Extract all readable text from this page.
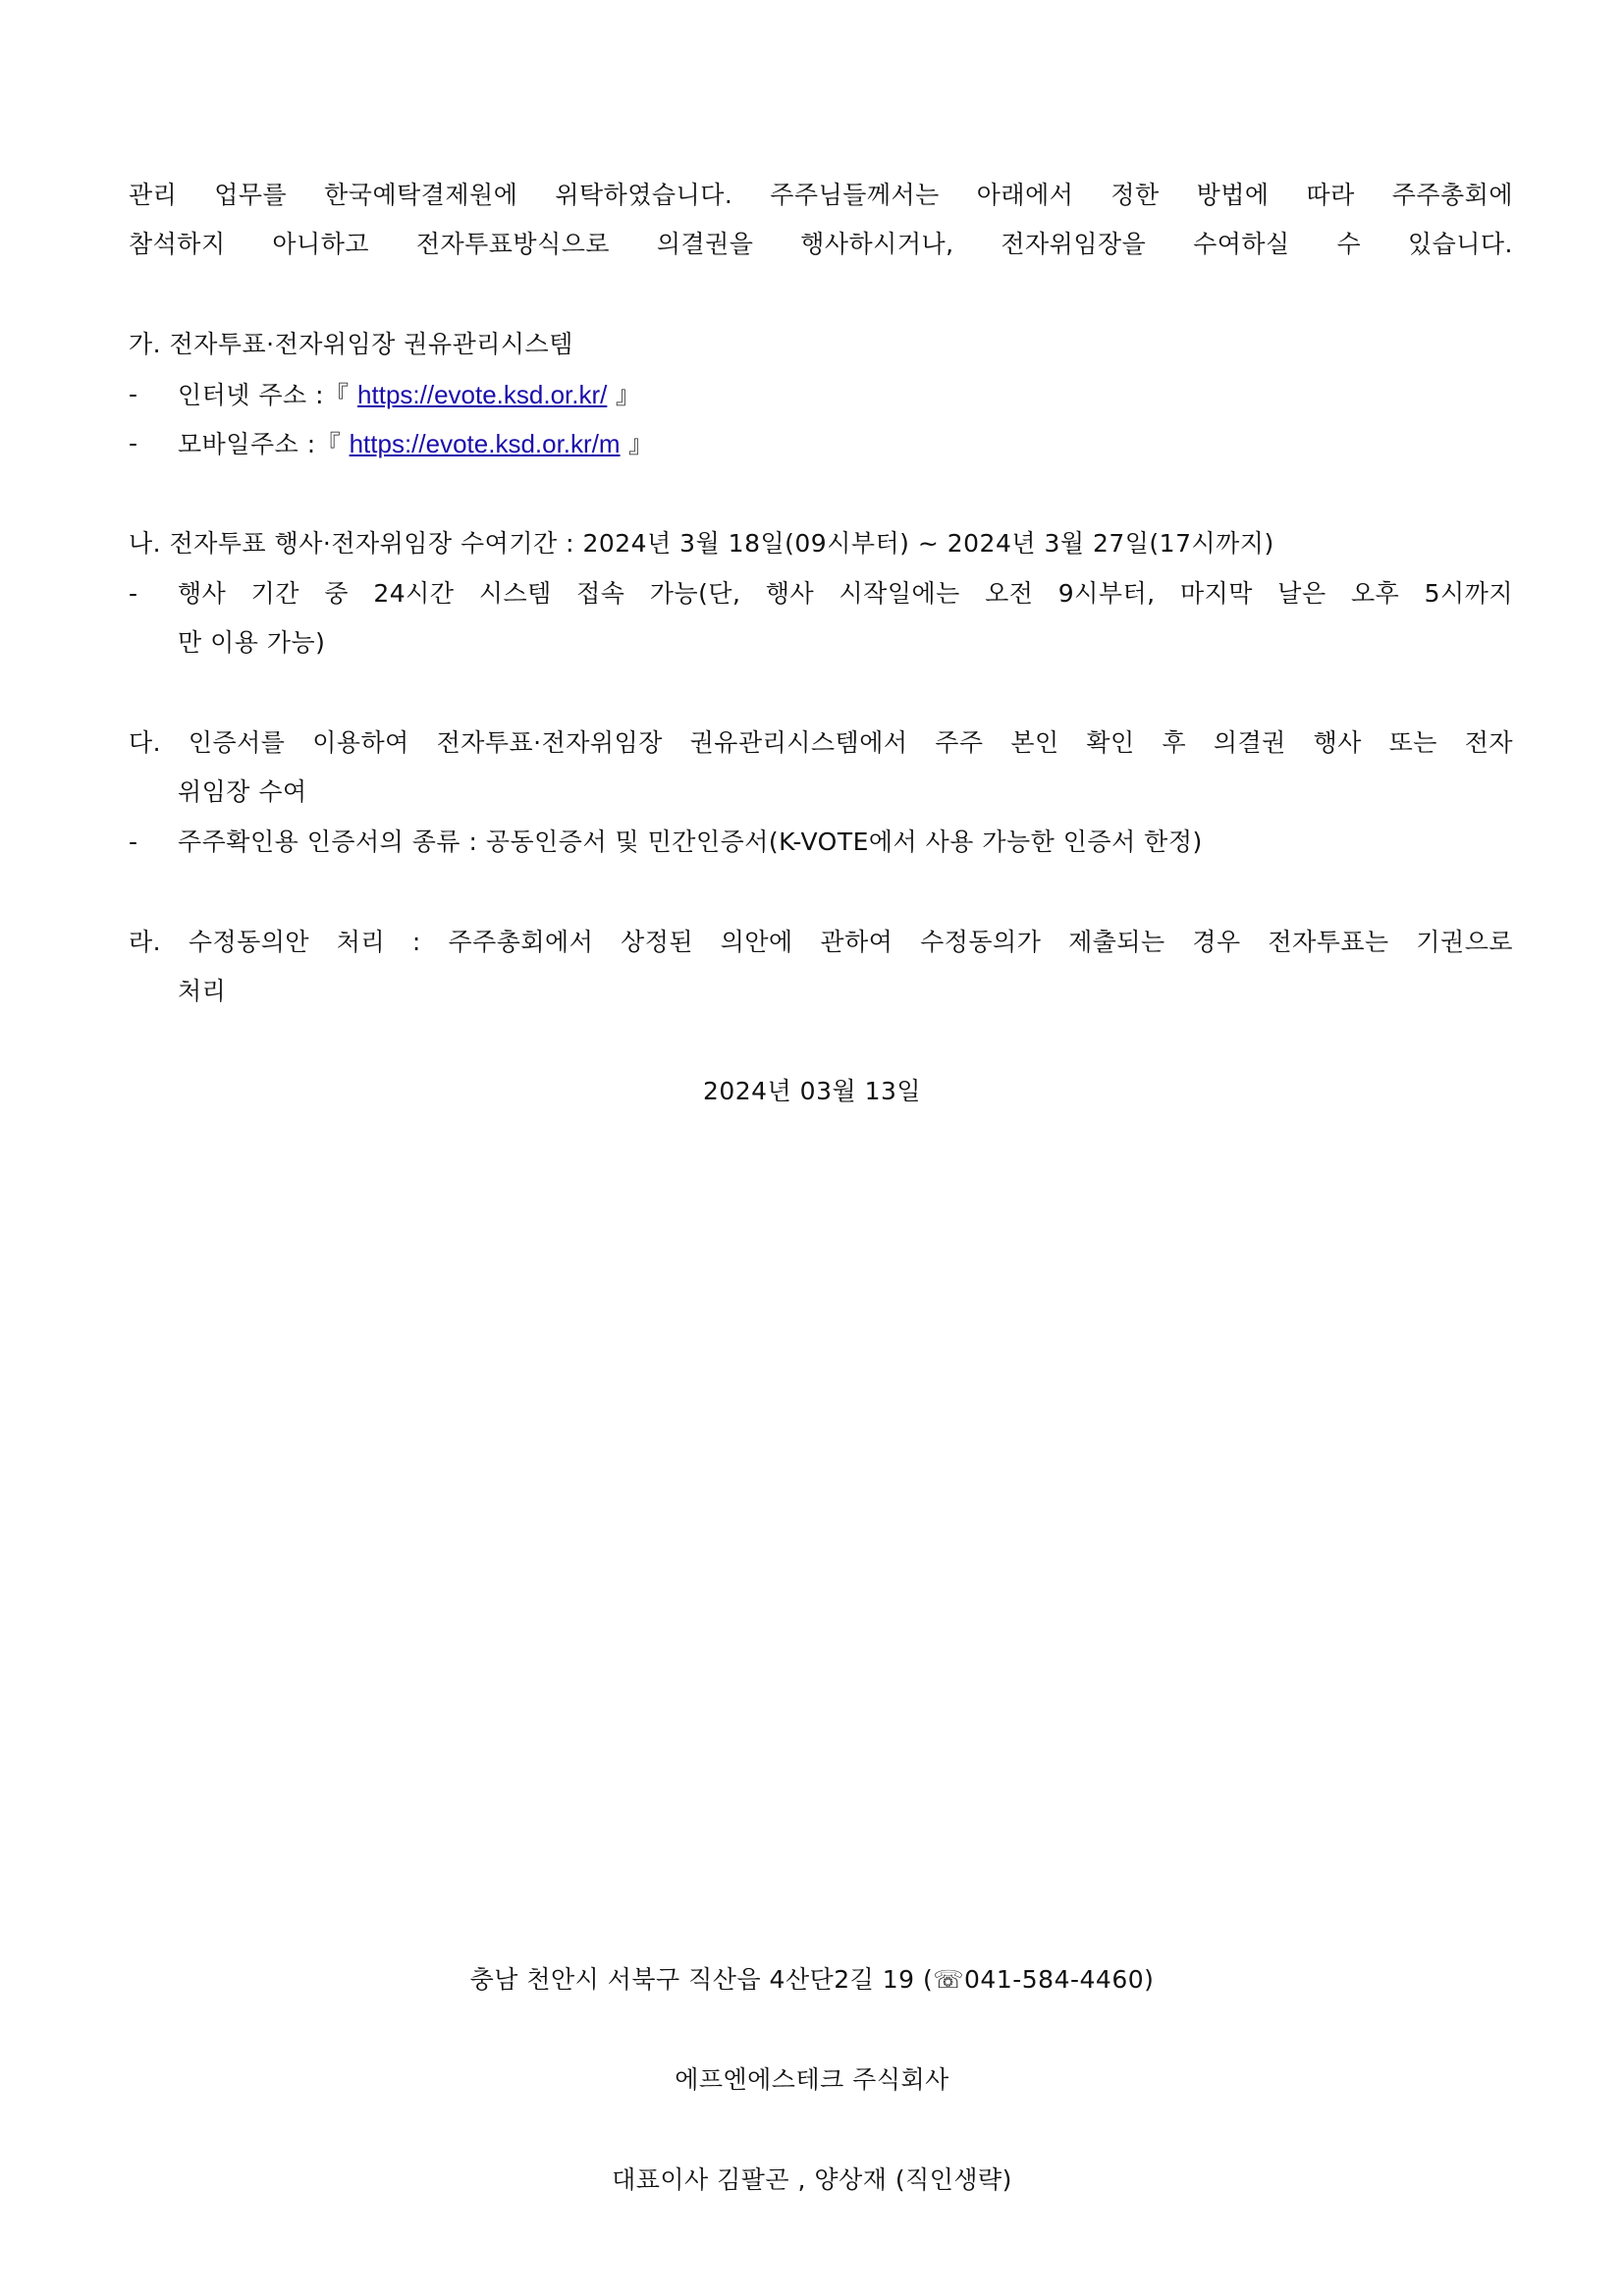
관리 업무를 한국예탁결제원에 위탁하였습니다. 주주님들께서는 아래에서 정한 방법에 따라 주주총회에
참석하지 아니하고 전자투표방식으로 의결권을 행사하시거나, 전자위임장을 수여하실 수 있습니다.
가. 전자투표·전자위임장 권유관리시스템
- 인터넷 주소 :『 https://evote.ksd.or.kr/ 』
- 모바일주소 :『 https://evote.ksd.or.kr/m 』
나. 전자투표 행사·전자위임장 수여기간 : 2024년 3월 18일(09시부터) ~ 2024년 3월 27일(17시까지)
- 행사 기간 중 24시간 시스템 접속 가능(단, 행사 시작일에는 오전 9시부터, 마지막 날은 오후 5시까지
만 이용 가능)
다. 인증서를 이용하여 전자투표·전자위임장 권유관리시스템에서 주주 본인 확인 후 의결권 행사 또는 전자
위임장 수여
- 주주확인용 인증서의 종류 : 공동인증서 및 민간인증서(K-VOTE에서 사용 가능한 인증서 한정)
라. 수정동의안 처리 : 주주총회에서 상정된 의안에 관하여 수정동의가 제출되는 경우 전자투표는 기권으로
처리
2024년 03월 13일
충남 천안시 서북구 직산읍 4산단2길 19 (☏041-584-4460)
에프엔에스테크 주식회사
대표이사 김팔곤 , 양상재 (직인생략)
